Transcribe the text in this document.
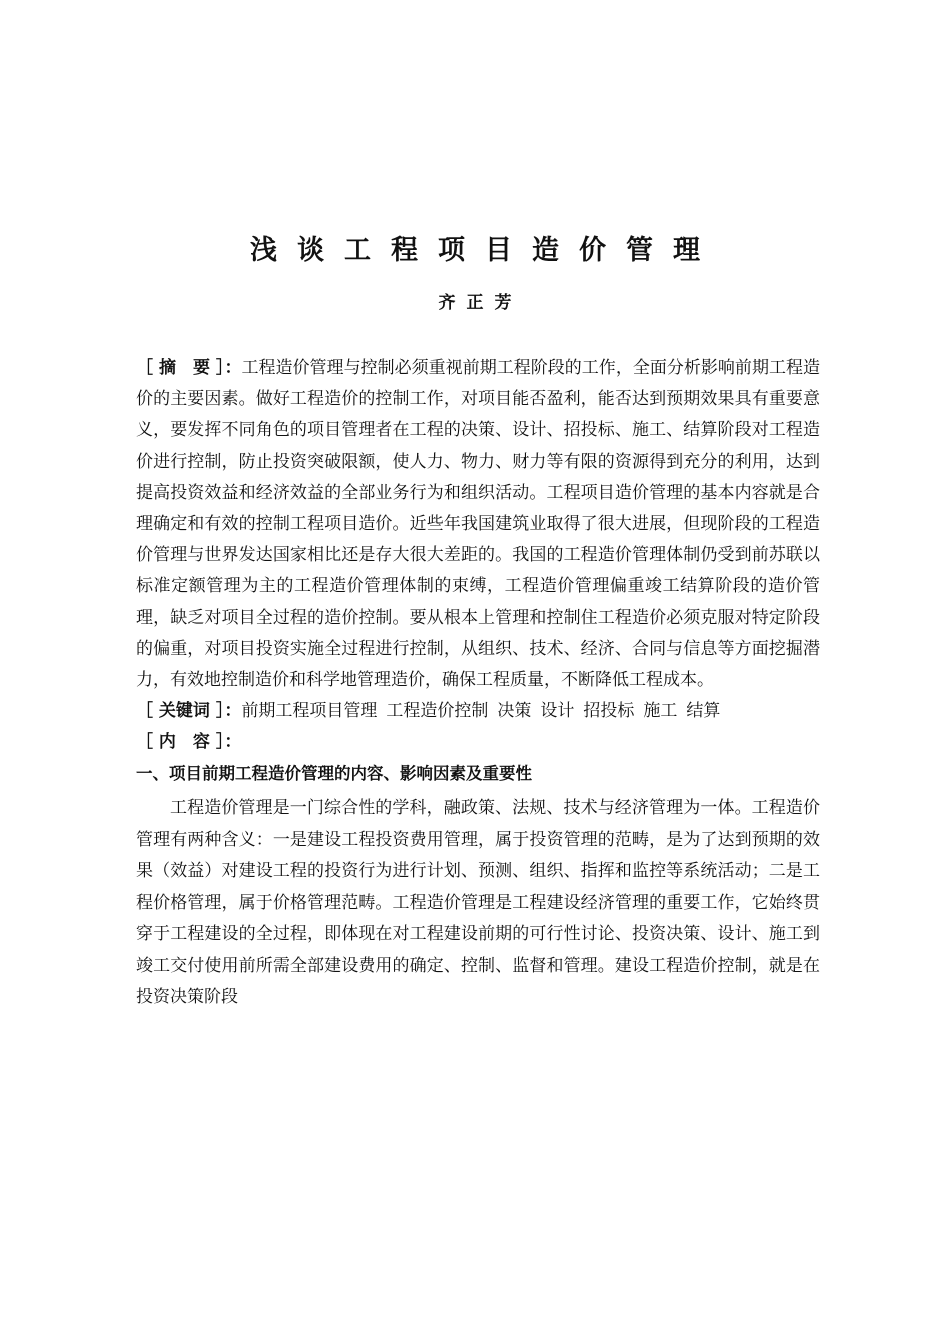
浅谈工程项目造价管理
齐正芳

［ 摘　要 ］：工程造价管理与控制必须重视前期工程阶段的工作，全面分析影响前期工程造价的主要因素。做好工程造价的控制工作，对项目能否盈利，能否达到预期效果具有重要意义，要发挥不同角色的项目管理者在工程的决策、设计、招投标、施工、结算阶段对工程造价进行控制，防止投资突破限额，使人力、物力、财力等有限的资源得到充分的利用，达到提高投资效益和经济效益的全部业务行为和组织活动。工程项目造价管理的基本内容就是合理确定和有效的控制工程项目造价。近些年我国建筑业取得了很大进展，但现阶段的工程造价管理与世界发达国家相比还是存大很大差距的。我国的工程造价管理体制仍受到前苏联以标准定额管理为主的工程造价管理体制的束缚，工程造价管理偏重竣工结算阶段的造价管理，缺乏对项目全过程的造价控制。要从根本上管理和控制住工程造价必须克服对特定阶段的偏重，对项目投资实施全过程进行控制，从组织、技术、经济、合同与信息等方面挖掘潜力，有效地控制造价和科学地管理造价，确保工程质量，不断降低工程成本。

［ 关键词 ］：前期工程项目管理 工程造价控制 决策 设计 招投标 施工 结算

［ 内　容 ］：

一、项目前期工程造价管理的内容、影响因素及重要性

工程造价管理是一门综合性的学科，融政策、法规、技术与经济管理为一体。工程造价管理有两种含义：一是建设工程投资费用管理，属于投资管理的范畴，是为了达到预期的效果（效益）对建设工程的投资行为进行计划、预测、组织、指挥和监控等系统活动；二是工程价格管理，属于价格管理范畴。工程造价管理是工程建设经济管理的重要工作，它始终贯穿于工程建设的全过程，即体现在对工程建设前期的可行性讨论、投资决策、设计、施工到竣工交付使用前所需全部建设费用的确定、控制、监督和管理。建设工程造价控制，就是在投资决策阶段
